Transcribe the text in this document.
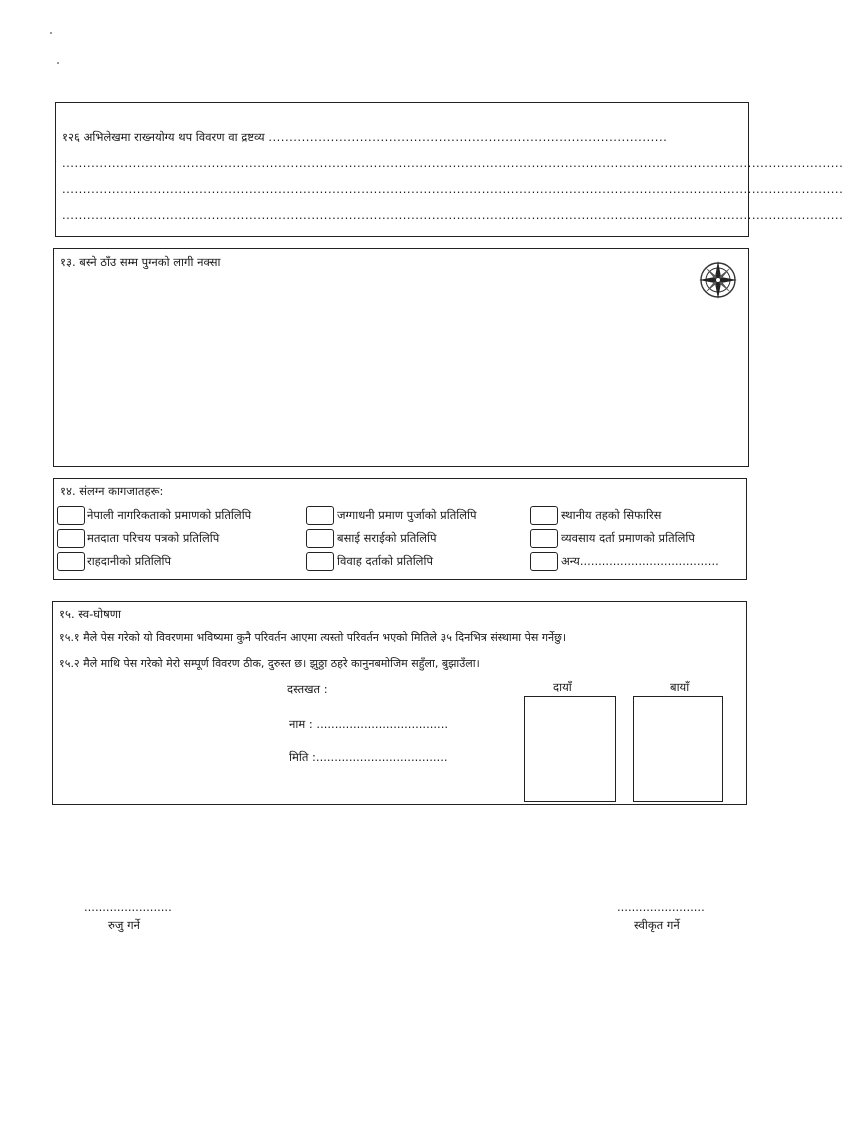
१२६ अभिलेखमा राख्नयोग्य थप विवरण वा द्रष्टव्य ................................................................................................
............................................................................................................................................................................................
............................................................................................................................................................................................
............................................................................................................................................................................................
१३. बस्ने ठाँउ सम्म पुग्नको लागी नक्सा
१४. संलग्न कागजातहरू:
नेपाली नागरिकताको प्रमाणको प्रतिलिपि	जग्गाधनी प्रमाण पुर्जाको प्रतिलिपि	स्थानीय तहको सिफारिस
मतदाता परिचय पत्रको प्रतिलिपि	बसाई सराईको प्रतिलिपि	व्यवसाय दर्ता प्रमाणको प्रतिलिपि
राहदानीको प्रतिलिपि	विवाह दर्ताको प्रतिलिपि	अन्य......................................
१५. स्व-घोषणा
१५.१ मैले पेस गरेको यो विवरणमा भविष्यमा कुनै परिवर्तन आएमा त्यस्तो परिवर्तन भएको मितिले ३५ दिनभित्र संस्थामा पेस गर्नेछु।
१५.२ मैले माथि पेस गरेको मेरो सम्पूर्ण विवरण ठीक, दुरुस्त छ। झुठ्ठा ठहरे कानुनबमोजिम सहुँला, बुझाउँला।
दस्तखत :
नाम : ....................................
मिति :....................................
दायाँ	बायाँ
........................
रुजु गर्ने
........................
स्वीकृत गर्ने
